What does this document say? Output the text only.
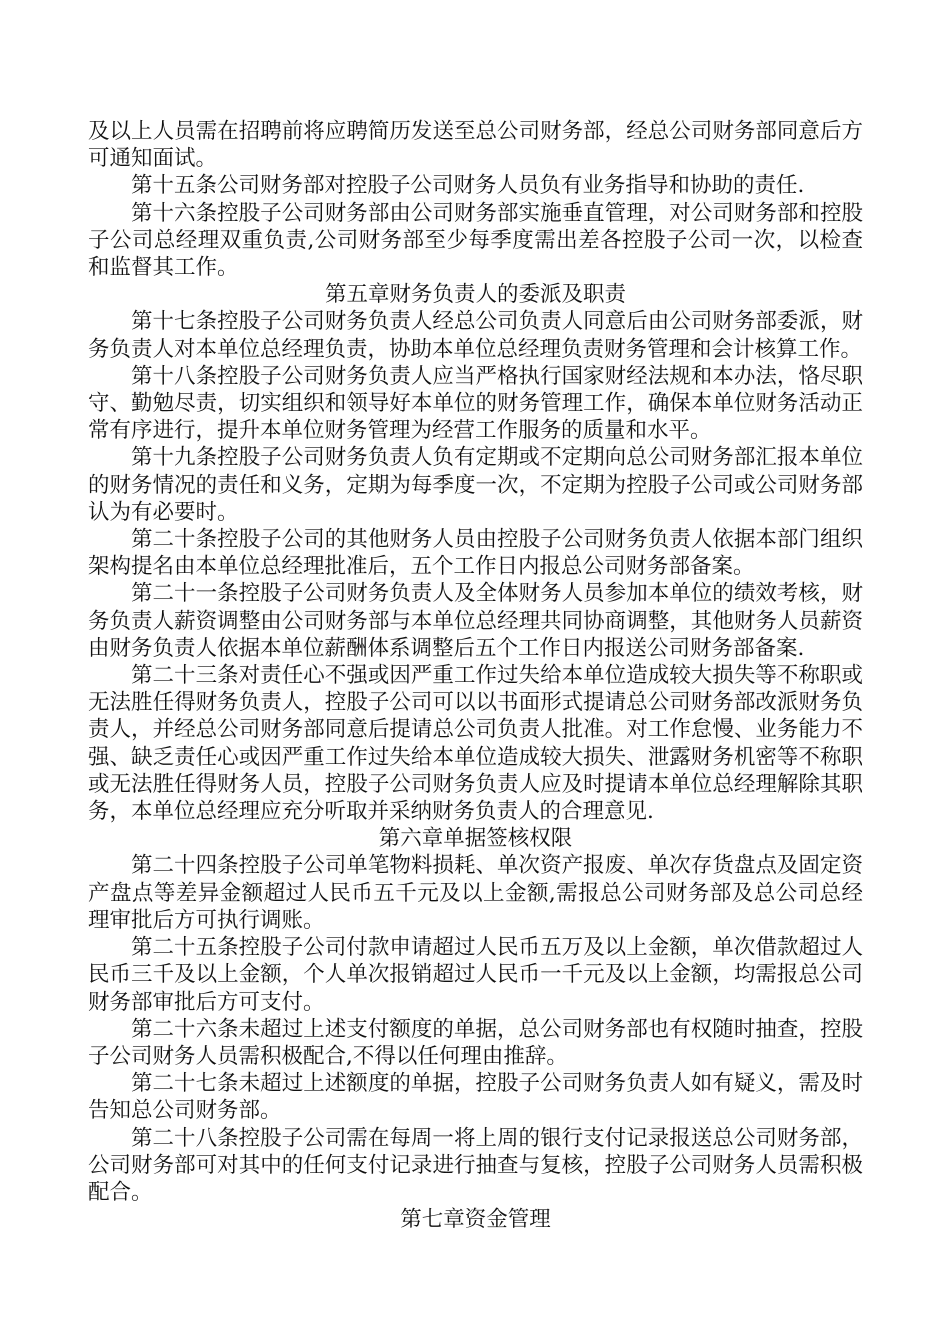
及以上人员需在招聘前将应聘简历发送至总公司财务部，经总公司财务部同意后方可通知面试。

第十五条公司财务部对控股子公司财务人员负有业务指导和协助的责任.

第十六条控股子公司财务部由公司财务部实施垂直管理，对公司财务部和控股子公司总经理双重负责,公司财务部至少每季度需出差各控股子公司一次，以检查和监督其工作。

第五章财务负责人的委派及职责

第十七条控股子公司财务负责人经总公司负责人同意后由公司财务部委派，财务负责人对本单位总经理负责，协助本单位总经理负责财务管理和会计核算工作。

第十八条控股子公司财务负责人应当严格执行国家财经法规和本办法，恪尽职守、勤勉尽责，切实组织和领导好本单位的财务管理工作，确保本单位财务活动正常有序进行，提升本单位财务管理为经营工作服务的质量和水平。

第十九条控股子公司财务负责人负有定期或不定期向总公司财务部汇报本单位的财务情况的责任和义务，定期为每季度一次，不定期为控股子公司或公司财务部认为有必要时。

第二十条控股子公司的其他财务人员由控股子公司财务负责人依据本部门组织架构提名由本单位总经理批准后，五个工作日内报总公司财务部备案。

第二十一条控股子公司财务负责人及全体财务人员参加本单位的绩效考核，财务负责人薪资调整由公司财务部与本单位总经理共同协商调整，其他财务人员薪资由财务负责人依据本单位薪酬体系调整后五个工作日内报送公司财务部备案.

第二十三条对责任心不强或因严重工作过失给本单位造成较大损失等不称职或无法胜任得财务负责人，控股子公司可以以书面形式提请总公司财务部改派财务负责人，并经总公司财务部同意后提请总公司负责人批准。对工作怠慢、业务能力不强、缺乏责任心或因严重工作过失给本单位造成较大损失、泄露财务机密等不称职或无法胜任得财务人员，控股子公司财务负责人应及时提请本单位总经理解除其职务，本单位总经理应充分听取并采纳财务负责人的合理意见.

第六章单据签核权限

第二十四条控股子公司单笔物料损耗、单次资产报废、单次存货盘点及固定资产盘点等差异金额超过人民币五千元及以上金额,需报总公司财务部及总公司总经理审批后方可执行调账。

第二十五条控股子公司付款申请超过人民币五万及以上金额，单次借款超过人民币三千及以上金额，个人单次报销超过人民币一千元及以上金额，均需报总公司财务部审批后方可支付。

第二十六条未超过上述支付额度的单据，总公司财务部也有权随时抽查，控股子公司财务人员需积极配合,不得以任何理由推辞。

第二十七条未超过上述额度的单据，控股子公司财务负责人如有疑义，需及时告知总公司财务部。

第二十八条控股子公司需在每周一将上周的银行支付记录报送总公司财务部，公司财务部可对其中的任何支付记录进行抽查与复核，控股子公司财务人员需积极配合。

第七章资金管理
